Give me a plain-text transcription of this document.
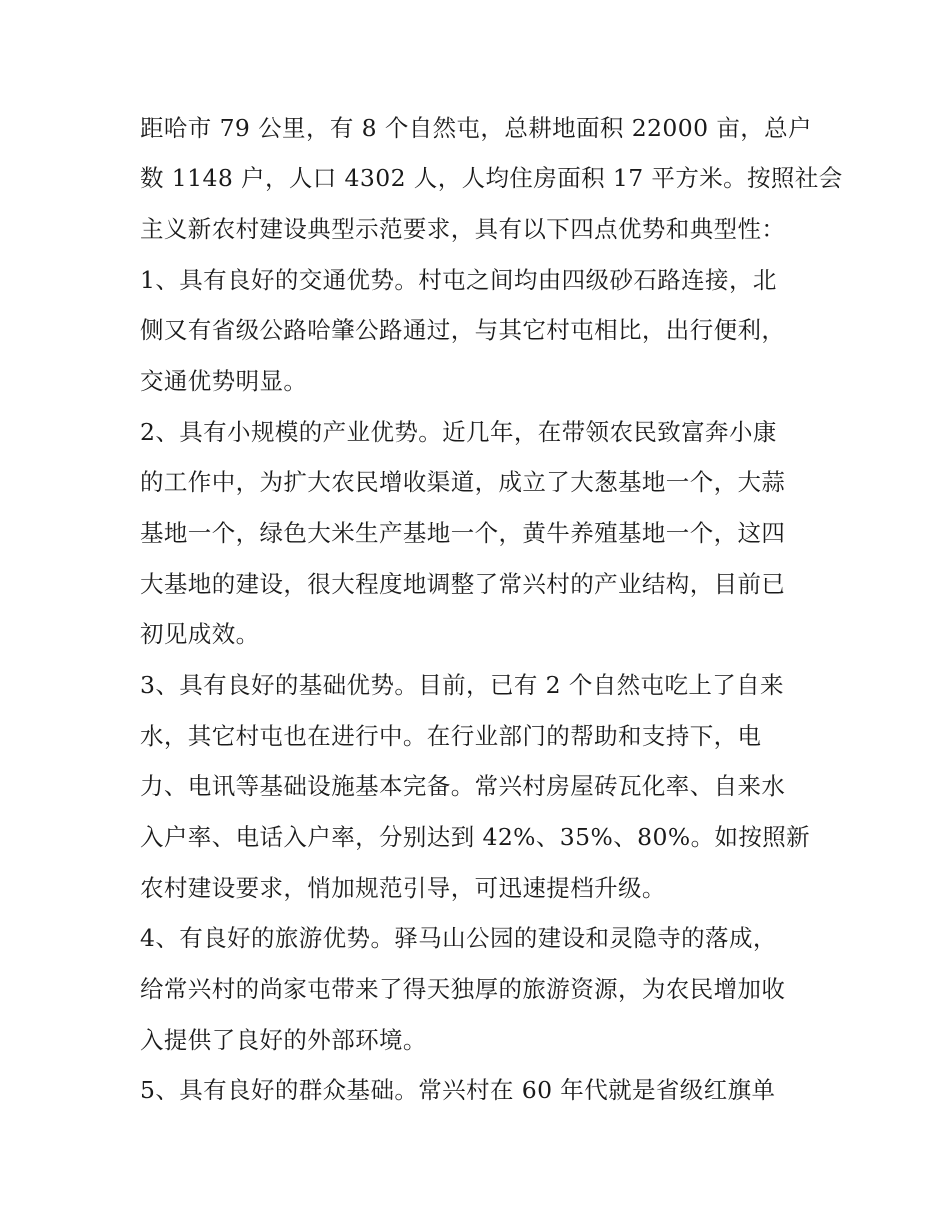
距哈市 79 公里，有 8 个自然屯，总耕地面积 22000 亩，总户
数 1148 户，人口 4302 人，人均住房面积 17 平方米。按照社会
主义新农村建设典型示范要求，具有以下四点优势和典型性：
1、具有良好的交通优势。村屯之间均由四级砂石路连接，北
侧又有省级公路哈肇公路通过，与其它村屯相比，出行便利，
交通优势明显。
2、具有小规模的产业优势。近几年，在带领农民致富奔小康
的工作中，为扩大农民增收渠道，成立了大葱基地一个，大蒜
基地一个，绿色大米生产基地一个，黄牛养殖基地一个，这四
大基地的建设，很大程度地调整了常兴村的产业结构，目前已
初见成效。
3、具有良好的基础优势。目前，已有 2 个自然屯吃上了自来
水，其它村屯也在进行中。在行业部门的帮助和支持下，电
力、电讯等基础设施基本完备。常兴村房屋砖瓦化率、自来水
入户率、电话入户率，分别达到 42%、35%、80%。如按照新
农村建设要求，悄加规范引导，可迅速提档升级。
4、有良好的旅游优势。驿马山公园的建设和灵隐寺的落成，
给常兴村的尚家屯带来了得天独厚的旅游资源，为农民增加收
入提供了良好的外部环境。
5、具有良好的群众基础。常兴村在 60 年代就是省级红旗单
